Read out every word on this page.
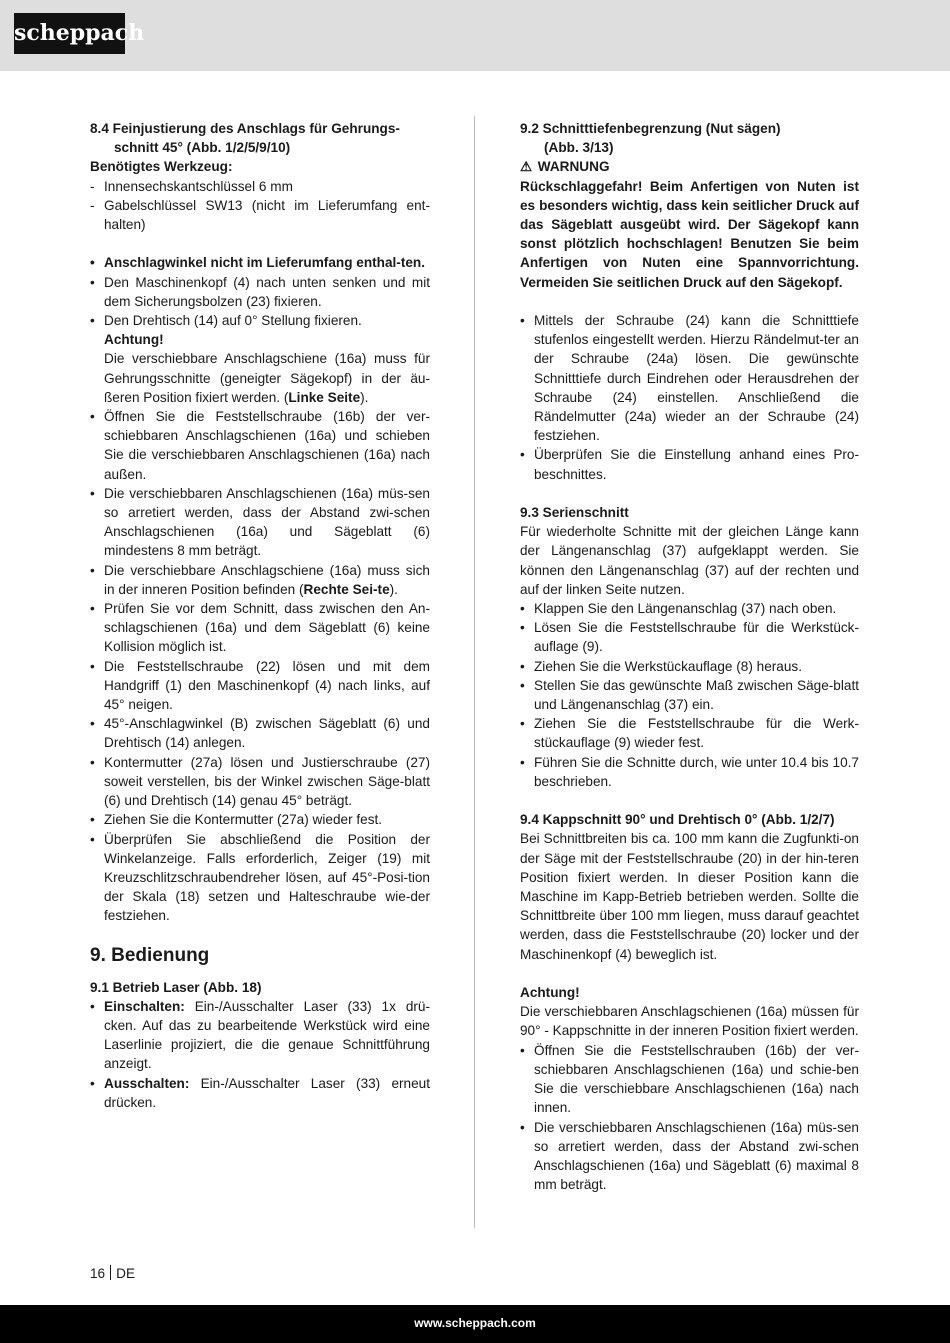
scheppach

8.4 Feinjustierung des Anschlags für Gehrungs-

schnitt 45° (Abb. 1/2/5/9/10)

Benötigtes Werkzeug:

- Innensechskantschlüssel 6 mm
- Gabelschlüssel SW13 (nicht im Lieferumfang ent-halten)
• Anschlagwinkel nicht im Lieferumfang enthal-ten.
• Den Maschinenkopf (4) nach unten senken und mit dem Sicherungsbolzen (23) fixieren.
• Den Drehtisch (14) auf 0° Stellung fixieren.

Achtung!

Die verschiebbare Anschlagschiene (16a) muss für Gehrungsschnitte (geneigter Sägekopf) in der äu-ßeren Position fixiert werden. (Linke Seite).

• Öffnen Sie die Feststellschraube (16b) der ver-schiebbaren Anschlagschienen (16a) und schieben Sie die verschiebbaren Anschlagschienen (16a) nach außen.
• Die verschiebbaren Anschlagschienen (16a) müs-sen so arretiert werden, dass der Abstand zwi-schen Anschlagschienen (16a) und Sägeblatt (6) mindestens 8 mm beträgt.
• Die verschiebbare Anschlagschiene (16a) muss sich in der inneren Position befinden (Rechte Sei-te).
• Prüfen Sie vor dem Schnitt, dass zwischen den An-schlagschienen (16a) und dem Sägeblatt (6) keine Kollision möglich ist.
• Die Feststellschraube (22) lösen und mit dem Handgriff (1) den Maschinenkopf (4) nach links, auf 45° neigen.
• 45°-Anschlagwinkel (B) zwischen Sägeblatt (6) und Drehtisch (14) anlegen.
• Kontermutter (27a) lösen und Justierschraube (27) soweit verstellen, bis der Winkel zwischen Säge-blatt (6) und Drehtisch (14) genau 45° beträgt.
• Ziehen Sie die Kontermutter (27a) wieder fest.
• Überprüfen Sie abschließend die Position der Winkelanzeige. Falls erforderlich, Zeiger (19) mit Kreuzschlitzschraubendreher lösen, auf 45°-Posi-tion der Skala (18) setzen und Halteschraube wie-der festziehen.
9. Bedienung

9.1 Betrieb Laser (Abb. 18)

• Einschalten: Ein-/Ausschalter Laser (33) 1x drü-cken. Auf das zu bearbeitende Werkstück wird eine Laserlinie projiziert, die die genaue Schnittführung anzeigt.
• Ausschalten: Ein-/Ausschalter Laser (33) erneut drücken.

9.2 Schnitttiefenbegrenzung (Nut sägen)

(Abb. 3/13)

⚠ WARNUNG

Rückschlaggefahr! Beim Anfertigen von Nuten ist es besonders wichtig, dass kein seitlicher Druck auf das Sägeblatt ausgeübt wird. Der Sägekopf kann sonst plötzlich hochschlagen! Benutzen Sie beim Anfertigen von Nuten eine Spannvorrichtung. Vermeiden Sie seitlichen Druck auf den Sägekopf.

• Mittels der Schraube (24) kann die Schnitttiefe stufenlos eingestellt werden. Hierzu Rändelmut-ter an der Schraube (24a) lösen. Die gewünschte Schnitttiefe durch Eindrehen oder Herausdrehen der Schraube (24) einstellen. Anschließend die Rändelmutter (24a) wieder an der Schraube (24) festziehen.
• Überprüfen Sie die Einstellung anhand eines Pro-beschnittes.

9.3 Serienschnitt

Für wiederholte Schnitte mit der gleichen Länge kann der Längenanschlag (37) aufgeklappt werden. Sie können den Längenanschlag (37) auf der rechten und auf der linken Seite nutzen.

• Klappen Sie den Längenanschlag (37) nach oben.
• Lösen Sie die Feststellschraube für die Werkstück-auflage (9).
• Ziehen Sie die Werkstückauflage (8) heraus.
• Stellen Sie das gewünschte Maß zwischen Säge-blatt und Längenanschlag (37) ein.
• Ziehen Sie die Feststellschraube für die Werk-stückauflage (9) wieder fest.
• Führen Sie die Schnitte durch, wie unter 10.4 bis 10.7 beschrieben.

9.4 Kappschnitt 90° und Drehtisch 0° (Abb. 1/2/7)

Bei Schnittbreiten bis ca. 100 mm kann die Zugfunkti-on der Säge mit der Feststellschraube (20) in der hin-teren Position fixiert werden. In dieser Position kann die Maschine im Kapp-Betrieb betrieben werden. Sollte die Schnittbreite über 100 mm liegen, muss darauf geachtet werden, dass die Feststellschraube (20) locker und der Maschinenkopf (4) beweglich ist.

Achtung!

Die verschiebbaren Anschlagschienen (16a) müssen für 90° - Kappschnitte in der inneren Position fixiert werden.

• Öffnen Sie die Feststellschrauben (16b) der ver-schiebbaren Anschlagschienen (16a) und schie-ben Sie die verschiebbare Anschlagschienen (16a) nach innen.
• Die verschiebbaren Anschlagschienen (16a) müs-sen so arretiert werden, dass der Abstand zwi-schen Anschlagschienen (16a) und Sägeblatt (6) maximal 8 mm beträgt.
16 DE
www.scheppach.com
